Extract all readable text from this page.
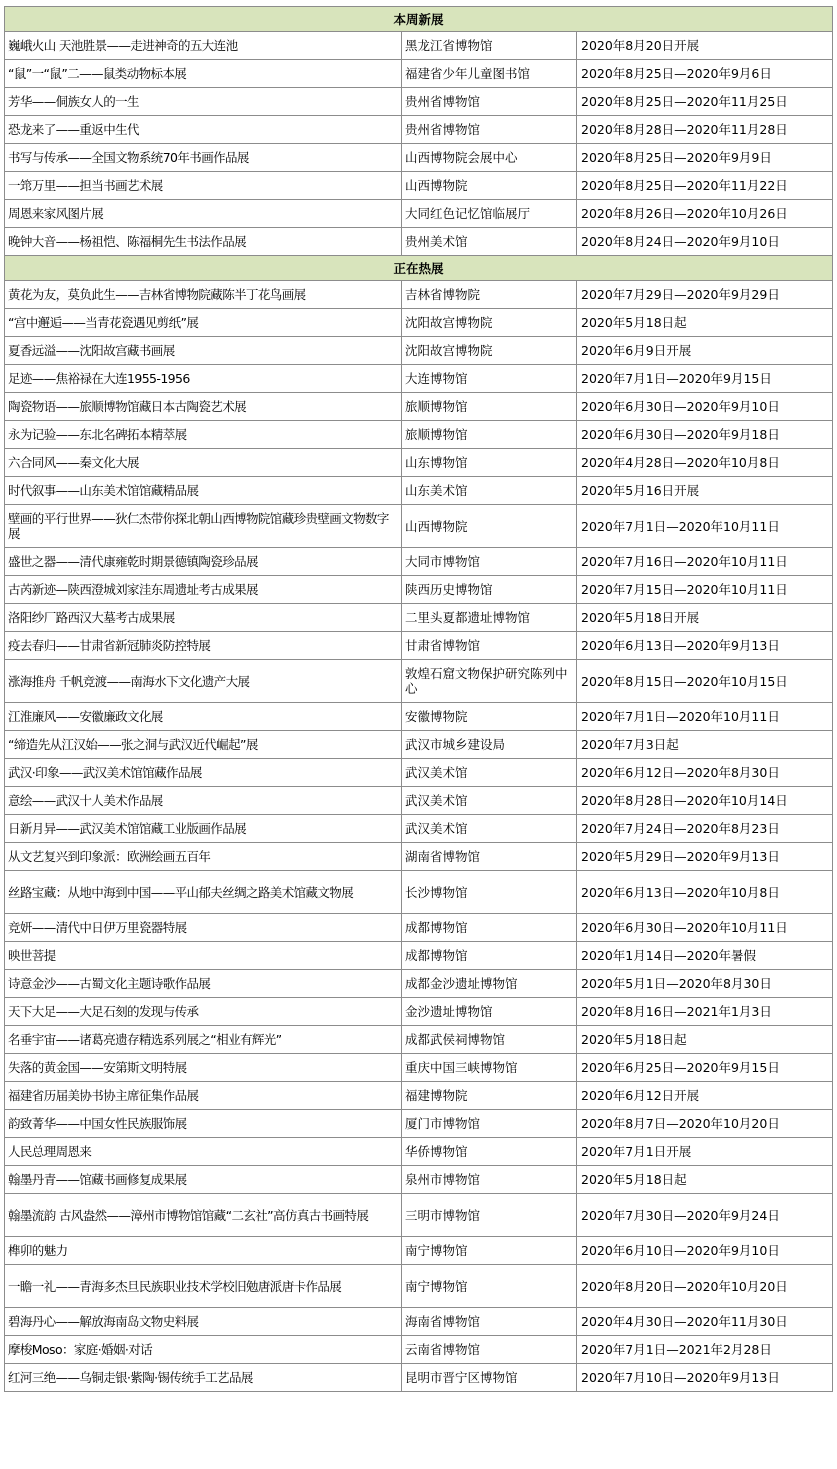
本周新展		
巍峨火山 天池胜景——走进神奇的五大连池	黑龙江省博物馆	2020年8月20日开展
“鼠”一“鼠”二——鼠类动物标本展	福建省少年儿童图书馆	2020年8月25日—2020年9月6日
芳华——侗族女人的一生	贵州省博物馆	2020年8月25日—2020年11月25日
恐龙来了——重返中生代	贵州省博物馆	2020年8月28日—2020年11月28日
书写与传承——全国文物系统70年书画作品展	山西博物院会展中心	2020年8月25日—2020年9月9日
一筇万里——担当书画艺术展	山西博物院	2020年8月25日—2020年11月22日
周恩来家风图片展	大同红色记忆馆临展厅	2020年8月26日—2020年10月26日
晚钟大音——杨祖恺、陈福桐先生书法作品展	贵州美术馆	2020年8月24日—2020年9月10日
正在热展		
黄花为友，莫负此生——吉林省博物院藏陈半丁花鸟画展	吉林省博物院	2020年7月29日—2020年9月29日
“宫中邂逅——当青花瓷遇见剪纸”展	沈阳故宫博物院	2020年5月18日起
夏香远溢——沈阳故宫藏书画展	沈阳故宫博物院	2020年6月9日开展
足迹——焦裕禄在大连1955-1956	大连博物馆	2020年7月1日—2020年9月15日
陶瓷物语——旅顺博物馆藏日本古陶瓷艺术展	旅顺博物馆	2020年6月30日—2020年9月10日
永为记验——东北名碑拓本精萃展	旅顺博物馆	2020年6月30日—2020年9月18日
六合同风——秦文化大展	山东博物馆	2020年4月28日—2020年10月8日
时代叙事——山东美术馆馆藏精品展	山东美术馆	2020年5月16日开展
壁画的平行世界——狄仁杰带你探北朝山西博物院馆藏珍贵壁画文物数字展	山西博物院	2020年7月1日—2020年10月11日
盛世之器——清代康雍乾时期景德镇陶瓷珍品展	大同市博物馆	2020年7月16日—2020年10月11日
古芮新迹—陕西澄城刘家洼东周遗址考古成果展	陕西历史博物馆	2020年7月15日—2020年10月11日
洛阳纱厂路西汉大墓考古成果展	二里头夏都遗址博物馆	2020年5月18日开展
疫去春归——甘肃省新冠肺炎防控特展	甘肃省博物馆	2020年6月13日—2020年9月13日
涨海推舟 千帆竞渡——南海水下文化遗产大展	敦煌石窟文物保护研究陈列中心	2020年8月15日—2020年10月15日
江淮廉风——安徽廉政文化展	安徽博物院	2020年7月1日—2020年10月11日
“缔造先从江汉始——张之洞与武汉近代崛起”展	武汉市城乡建设局	2020年7月3日起
武汉·印象——武汉美术馆馆藏作品展	武汉美术馆	2020年6月12日—2020年8月30日
意绘——武汉十人美术作品展	武汉美术馆	2020年8月28日—2020年10月14日
日新月异——武汉美术馆馆藏工业版画作品展	武汉美术馆	2020年7月24日—2020年8月23日
从文艺复兴到印象派：欧洲绘画五百年	湖南省博物馆	2020年5月29日—2020年9月13日
丝路宝藏：从地中海到中国——平山郁夫丝绸之路美术馆藏文物展	长沙博物馆	2020年6月13日—2020年10月8日
竞妍——清代中日伊万里瓷器特展	成都博物馆	2020年6月30日—2020年10月11日
映世菩提	成都博物馆	2020年1月14日—2020年暑假
诗意金沙——古蜀文化主题诗歌作品展	成都金沙遗址博物馆	2020年5月1日—2020年8月30日
天下大足——大足石刻的发现与传承	金沙遗址博物馆	2020年8月16日—2021年1月3日
名垂宇宙——诸葛亮遗存精选系列展之“相业有辉光”	成都武侯祠博物馆	2020年5月18日起
失落的黄金国——安第斯文明特展	重庆中国三峡博物馆	2020年6月25日—2020年9月15日
福建省历届美协书协主席征集作品展	福建博物院	2020年6月12日开展
韵致菁华——中国女性民族服饰展	厦门市博物馆	2020年8月7日—2020年10月20日
人民总理周恩来	华侨博物馆	2020年7月1日开展
翰墨丹青——馆藏书画修复成果展	泉州市博物馆	2020年5月18日起
翰墨流韵 古风盎然——漳州市博物馆馆藏“二玄社”高仿真古书画特展	三明市博物馆	2020年7月30日—2020年9月24日
榫卯的魅力	南宁博物馆	2020年6月10日—2020年9月10日
一瞻一礼——青海多杰旦民族职业技术学校旧勉唐派唐卡作品展	南宁博物馆	2020年8月20日—2020年10月20日
碧海丹心——解放海南岛文物史料展	海南省博物馆	2020年4月30日—2020年11月30日
摩梭Moso：家庭·婚姻·对话	云南省博物馆	2020年7月1日—2021年2月28日
红河三绝——乌铜走银·紫陶·锡传统手工艺品展	昆明市晋宁区博物馆	2020年7月10日—2020年9月13日
